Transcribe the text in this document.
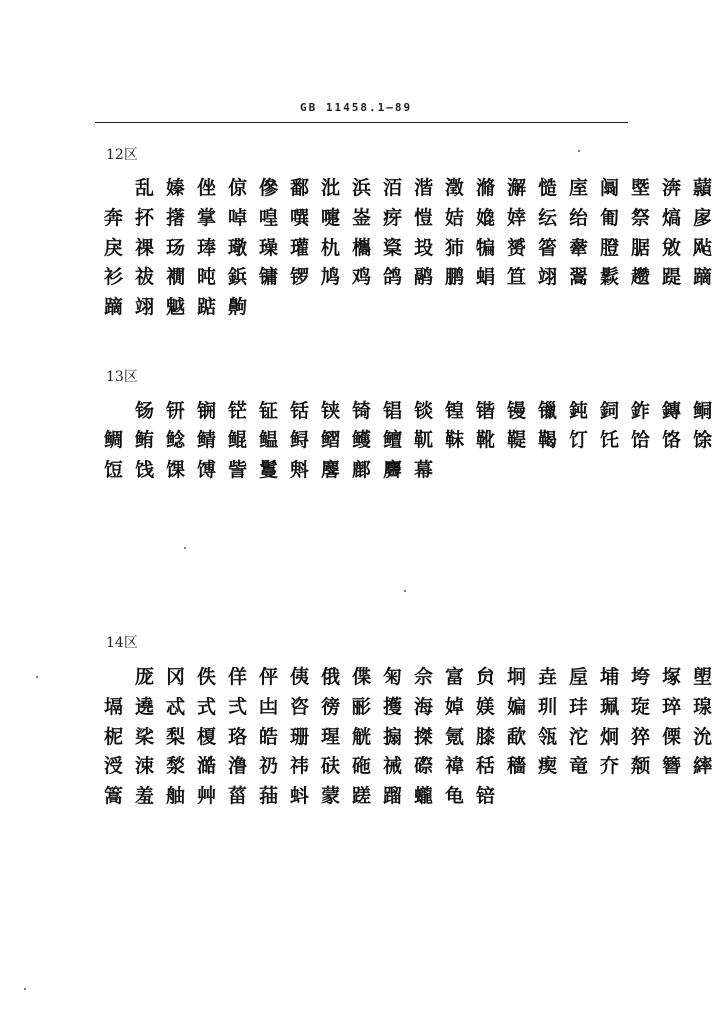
GB 11458.1—89
12区
乱 嫀 侳 倞 傪 鄱 沘 浜 洦 湝 澂 滫 澥 慥 庢 阘 塈 渀 蘏
奔 抔 擆 掌 啅 喤 噀 嚏 崟 疨 愷 姞 嫓 婞 纭 绐 匍 祭 熇 扅
戾 祼 玚 琫 璥 璪 瓘 朹 欈 楶 殶 犻 犏 赟 箵 舝 膯 腒 敓 飐
衫 祓 襉 旽 鋲 镛 锣 鸠 鸡 鸽 鹝 鹏 蜎 笪 翊 翯 鬏 趱 踶 蹢
蹢 翊 魆 踮 齁
13区
钖 钘 锎 铓 钲 铦 铗 锜 锠 锬 锽 锴 镘 镴 鈍 鉰 鈼 鏄 鲖
鲷 鲔 鲶 鲭 鲲 鳁 鲟 鳛 鳠 鳣 靰 靺 靴 鞮 鞨 饤 饦 饸 饹 馀
饾 饯 馃 馎 訾 鬘 斞 麐 鄜 麡 幕
14区
厐 冈 佚 佯 伻 侇 俄 偞 匊 佘 富 贠 坰 垚 垕 埔 垮 塚 塱
塥 遶 忒 式 弍 凷 咨 徬 彨 擭 海 婥 媄 媥 玔 玤 珮 琁 琗 瑔
柅 桬 梨 榎 珞 皓 珊 瑆 觥 搧 搩 氪 膝 歃 瓴 沱 炯 猝 傈 沇
涭 涑 湬 澔 澛 礽 祎 砆 砤 祴 磜 禕 秳 穡 瘈 竜 夰 颒 簪 繂
篙 羞 舳 艸 菑 菗 蚪 蒙 蹉 蹓 蠬 龟 锫
